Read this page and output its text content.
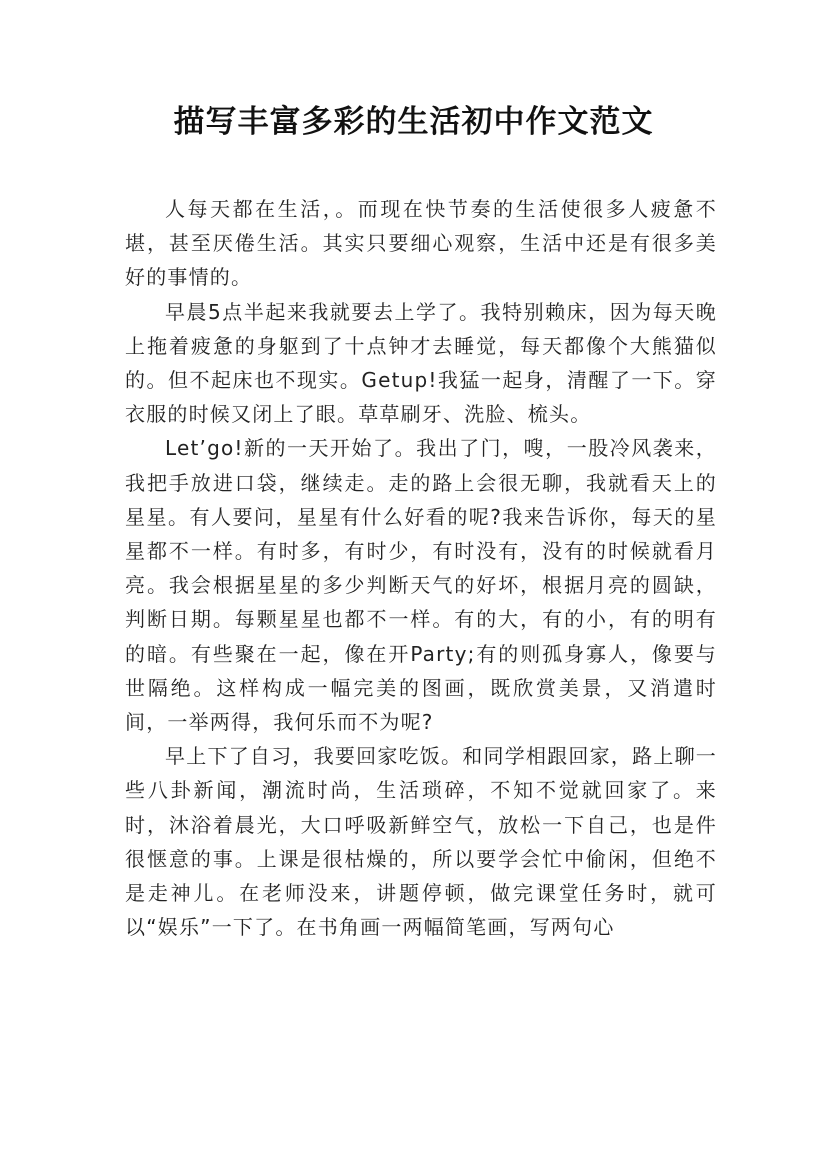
描写丰富多彩的生活初中作文范文

人每天都在生活，。而现在快节奏的生活使很多人疲惫不堪，甚至厌倦生活。其实只要细心观察，生活中还是有很多美好的事情的。

早晨5点半起来我就要去上学了。我特别赖床，因为每天晚上拖着疲惫的身躯到了十点钟才去睡觉，每天都像个大熊猫似的。但不起床也不现实。Getup!我猛一起身，清醒了一下。穿衣服的时候又闭上了眼。草草刷牙、洗脸、梳头。

Let’go!新的一天开始了。我出了门，嗖，一股冷风袭来，我把手放进口袋，继续走。走的路上会很无聊，我就看天上的星星。有人要问，星星有什么好看的呢?我来告诉你，每天的星星都不一样。有时多，有时少，有时没有，没有的时候就看月亮。我会根据星星的多少判断天气的好坏，根据月亮的圆缺，判断日期。每颗星星也都不一样。有的大，有的小，有的明有的暗。有些聚在一起，像在开Party;有的则孤身寡人，像要与世隔绝。这样构成一幅完美的图画，既欣赏美景，又消遣时间，一举两得，我何乐而不为呢?

早上下了自习，我要回家吃饭。和同学相跟回家，路上聊一些八卦新闻，潮流时尚，生活琐碎，不知不觉就回家了。来时，沐浴着晨光，大口呼吸新鲜空气，放松一下自己，也是件很惬意的事。上课是很枯燥的，所以要学会忙中偷闲，但绝不是走神儿。在老师没来，讲题停顿，做完课堂任务时，就可以“娱乐”一下了。在书角画一两幅简笔画，写两句心
